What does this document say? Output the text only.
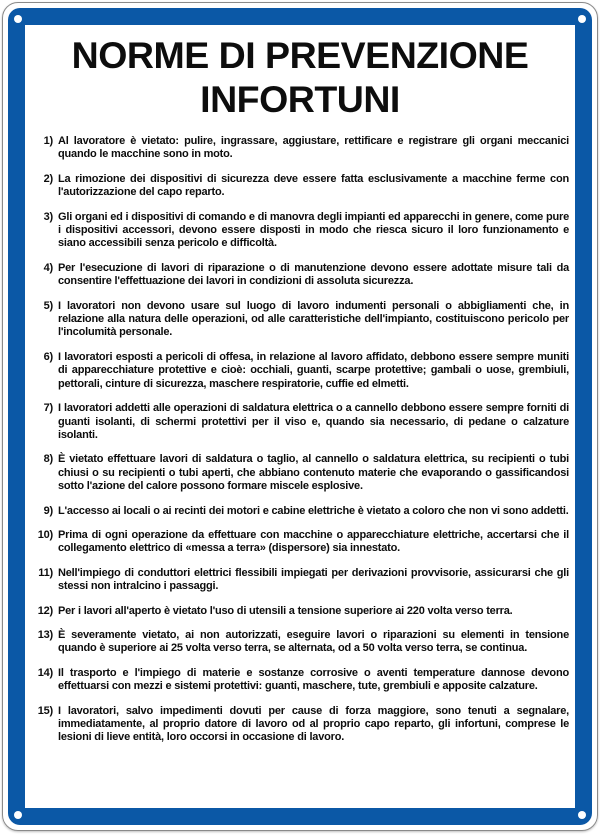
NORME DI PREVENZIONE
INFORTUNI
1) Al lavoratore è vietato: pulire, ingrassare, aggiustare, rettificare e registrare gli organi meccanici quando le macchine sono in moto.
2) La rimozione dei dispositivi di sicurezza deve essere fatta esclusivamente a macchine ferme con l'autorizzazione del capo reparto.
3) Gli organi ed i dispositivi di comando e di manovra degli impianti ed apparecchi in genere, come pure i dispositivi accessori, devono essere disposti in modo che riesca sicuro il loro funzionamento e siano accessibili senza pericolo e difficoltà.
4) Per l'esecuzione di lavori di riparazione o di manutenzione devono essere adottate misure tali da consentire l'effettuazione dei lavori in condizioni di assoluta sicurezza.
5) I lavoratori non devono usare sul luogo di lavoro indumenti personali o abbigliamenti che, in relazione alla natura delle operazioni, od alle caratteristiche dell'impianto, costituiscono pericolo per l'incolumità personale.
6) I lavoratori esposti a pericoli di offesa, in relazione al lavoro affidato, debbono essere sempre muniti di apparecchiature protettive e cioè: occhiali, guanti, scarpe protettive; gambali o uose, grembiuli, pettorali, cinture di sicurezza, maschere respiratorie, cuffie ed elmetti.
7) I lavoratori addetti alle operazioni di saldatura elettrica o a cannello debbono essere sempre forniti di guanti isolanti, di schermi protettivi per il viso e, quando sia necessario, di pedane o calzature isolanti.
8) È vietato effettuare lavori di saldatura o taglio, al cannello o saldatura elettrica, su recipienti o tubi chiusi o su recipienti o tubi aperti, che abbiano contenuto materie che evaporando o gassificandosi sotto l'azione del calore possono formare miscele esplosive.
9) L'accesso ai locali o ai recinti dei motori e cabine elettriche è vietato a coloro che non vi sono addetti.
10) Prima di ogni operazione da effettuare con macchine o apparecchiature elettriche, accertarsi che il collegamento elettrico di «messa a terra» (dispersore) sia innestato.
11) Nell'impiego di conduttori elettrici flessibili impiegati per derivazioni provvisorie, assicurarsi che gli stessi non intralcino i passaggi.
12) Per i lavori all'aperto è vietato l'uso di utensili a tensione superiore ai 220 volta verso terra.
13) È severamente vietato, ai non autorizzati, eseguire lavori o riparazioni su elementi in tensione quando è superiore ai 25 volta verso terra, se alternata, od a 50 volta verso terra, se continua.
14) Il trasporto e l'impiego di materie e sostanze corrosive o aventi temperature dannose devono effettuarsi con mezzi e sistemi protettivi: guanti, maschere, tute, grembiuli e apposite calzature.
15) I lavoratori, salvo impedimenti dovuti per cause di forza maggiore, sono tenuti a segnalare, immediatamente, al proprio datore di lavoro od al proprio capo reparto, gli infortuni, comprese le lesioni di lieve entità, loro occorsi in occasione di lavoro.
